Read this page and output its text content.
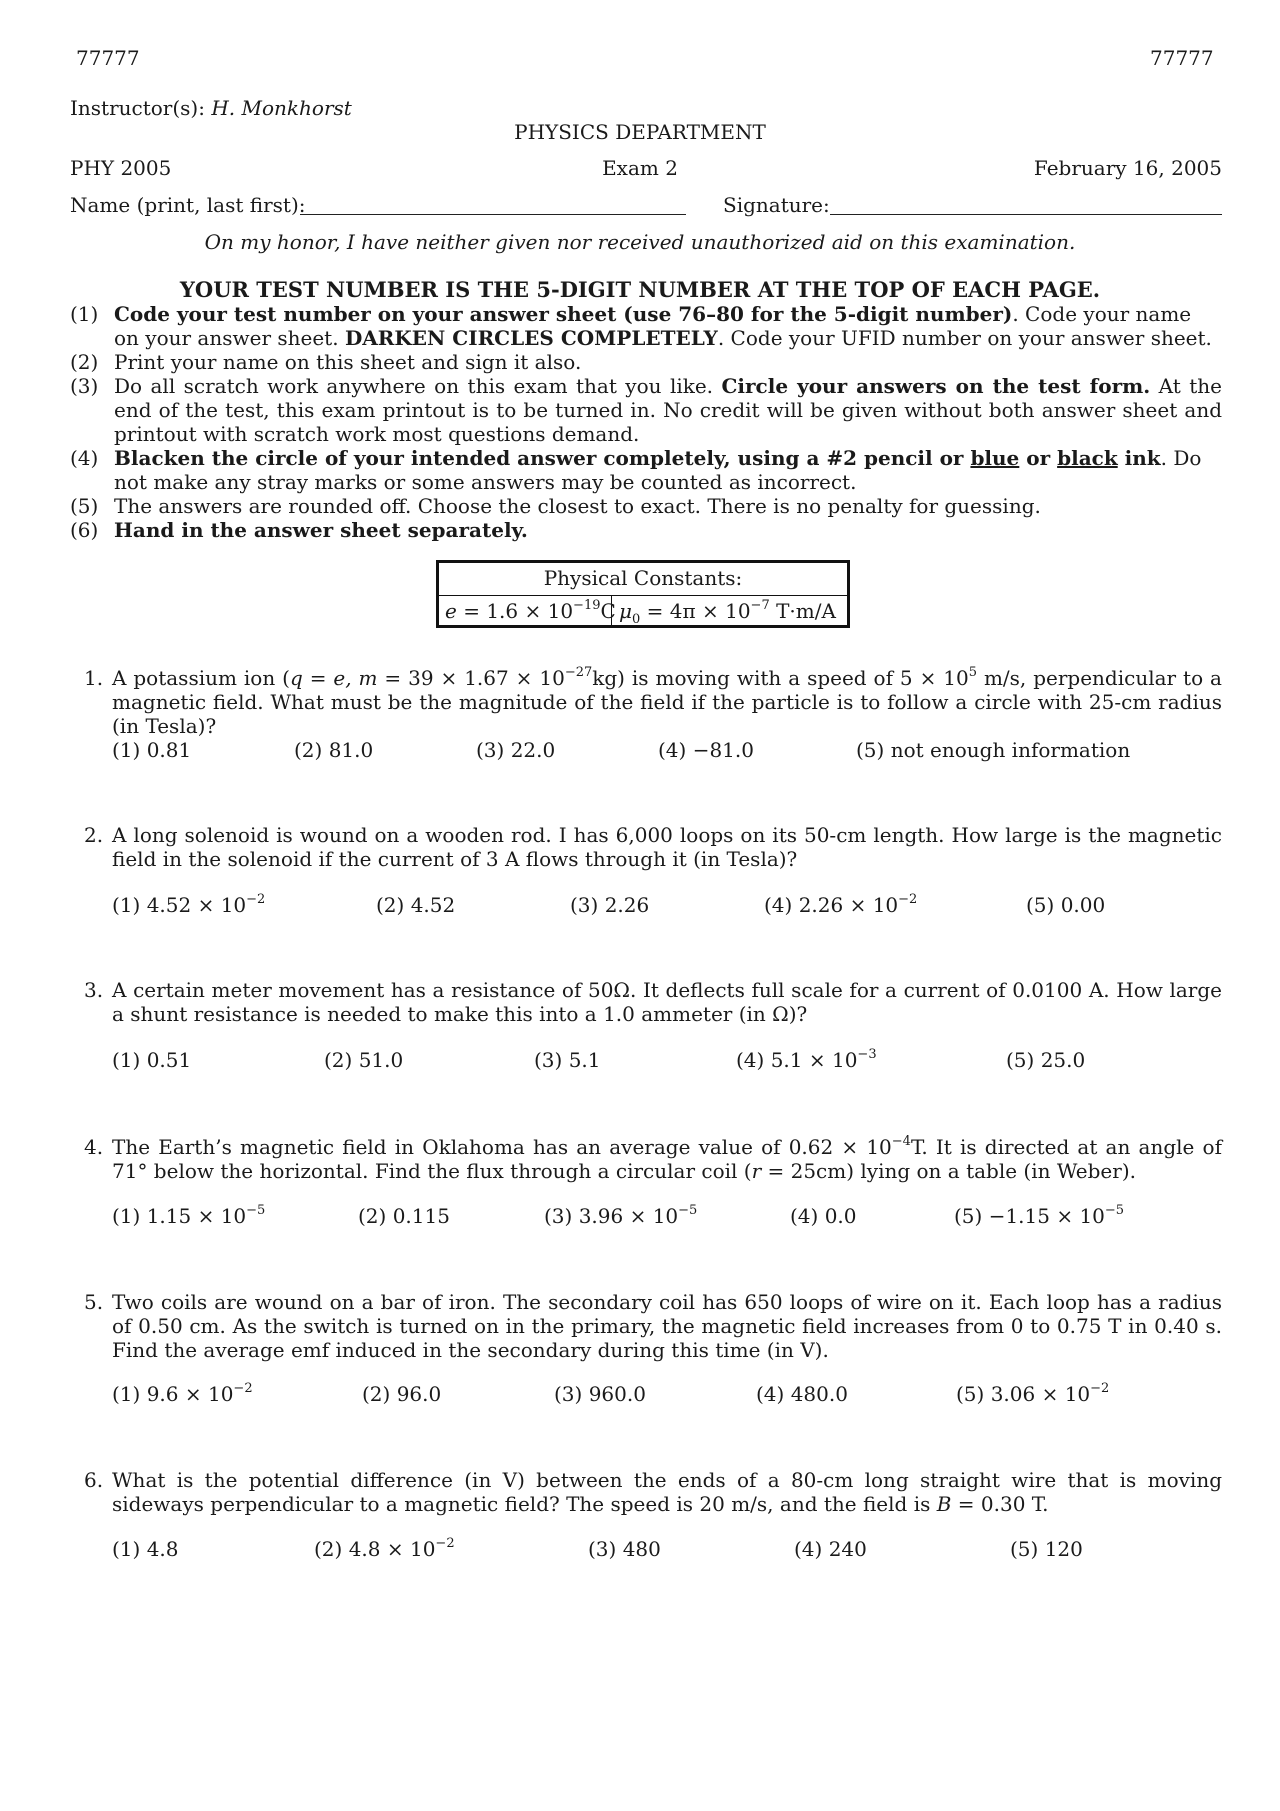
77777	77777
Instructor(s): H. Monkhorst
PHYSICS DEPARTMENT
PHY 2005	Exam 2	February 16, 2005
Name (print, last first):	Signature:
On my honor, I have neither given nor received unauthorized aid on this examination.
YOUR TEST NUMBER IS THE 5-DIGIT NUMBER AT THE TOP OF EACH PAGE.
(1) Code your test number on your answer sheet (use 76–80 for the 5-digit number). Code your name on your answer sheet. DARKEN CIRCLES COMPLETELY. Code your UFID number on your answer sheet.
(2) Print your name on this sheet and sign it also.
(3) Do all scratch work anywhere on this exam that you like. Circle your answers on the test form. At the end of the test, this exam printout is to be turned in. No credit will be given without both answer sheet and printout with scratch work most questions demand.
(4) Blacken the circle of your intended answer completely, using a #2 pencil or blue or black ink. Do not make any stray marks or some answers may be counted as incorrect.
(5) The answers are rounded off. Choose the closest to exact. There is no penalty for guessing.
(6) Hand in the answer sheet separately.
Physical Constants:
$e = 1.6 \times 10^{-19}C$ $\mu_0 = 4\pi \times 10^{-7}$ T·m/A
1. A potassium ion (q = e, $m = 39 \times 1.67 \times 10^{-27}kg$) is moving with a speed of $5 \times 10^5$ m/s, perpendicular to a magnetic field. What must be the magnitude of the field if the particle is to follow a circle with 25-cm radius (in Tesla)?
(1) 0.81	(2) 81.0	(3) 22.0	(4) −81.0	(5) not enough information
2. A long solenoid is wound on a wooden rod. I has 6,000 loops on its 50-cm length. How large is the magnetic field in the solenoid if the current of 3 A flows through it (in Tesla)?
(1) $4.52 \times 10^{-2}$	(2) 4.52	(3) 2.26	(4) $2.26 \times 10^{-2}$	(5) 0.00
3. A certain meter movement has a resistance of 50Ω. It deflects full scale for a current of 0.0100 A. How large a shunt resistance is needed to make this into a 1.0 ammeter (in Ω)?
(1) 0.51	(2) 51.0	(3) 5.1	(4) $5.1 \times 10^{-3}$	(5) 25.0
4. The Earth’s magnetic field in Oklahoma has an average value of $0.62 \times 10^{-4}T$. It is directed at an angle of 71° below the horizontal. Find the flux through a circular coil (r = 25cm) lying on a table (in Weber).
(1) $1.15 \times 10^{-5}$	(2) 0.115	(3) $3.96 \times 10^{-5}$	(4) 0.0	$(5) -1.15 \times 10^{-5}$
5. Two coils are wound on a bar of iron. The secondary coil has 650 loops of wire on it. Each loop has a radius of 0.50 cm. As the switch is turned on in the primary, the magnetic field increases from 0 to 0.75 T in 0.40 s. Find the average emf induced in the secondary during this time (in V).
(1) $9.6 \times 10^{-2}$	(2) 96.0	(3) 960.0	(4) 480.0	(5) $3.06 \times 10^{-2}$
6. What is the potential difference (in V) between the ends of a 80-cm long straight wire that is moving sideways perpendicular to a magnetic field? The speed is 20 m/s, and the field is B = 0.30 T.
(1) 4.8	(2) $4.8 \times 10^{-2}$	(3) 480	(4) 240	(5) 120
